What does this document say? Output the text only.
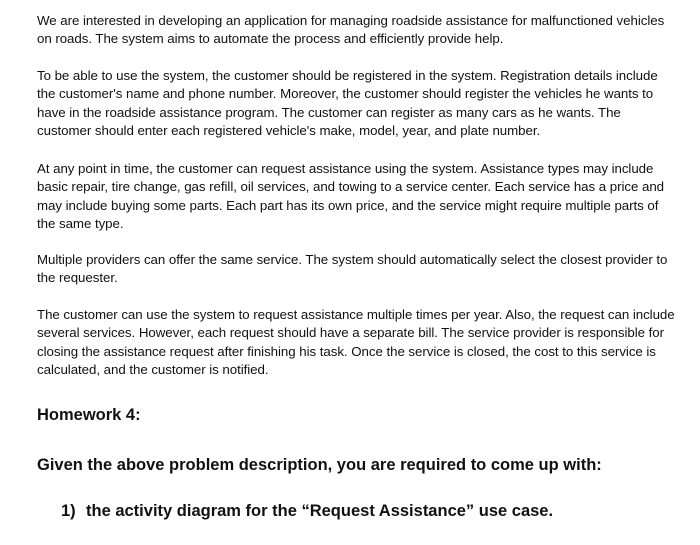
We are interested in developing an application for managing roadside assistance for malfunctioned vehicles on roads. The system aims to automate the process and efficiently provide help.

To be able to use the system, the customer should be registered in the system. Registration details include the customer's name and phone number. Moreover, the customer should register the vehicles he wants to have in the roadside assistance program. The customer can register as many cars as he wants. The customer should enter each registered vehicle's make, model, year, and plate number.

At any point in time, the customer can request assistance using the system. Assistance types may include basic repair, tire change, gas refill, oil services, and towing to a service center. Each service has a price and may include buying some parts. Each part has its own price, and the service might require multiple parts of the same type.

Multiple providers can offer the same service. The system should automatically select the closest provider to the requester.

The customer can use the system to request assistance multiple times per year. Also, the request can include several services. However, each request should have a separate bill. The service provider is responsible for closing the assistance request after finishing his task. Once the service is closed, the cost to this service is calculated, and the customer is notified.

Homework 4:

Given the above problem description, you are required to come up with:

1) the activity diagram for the “Request Assistance” use case.
